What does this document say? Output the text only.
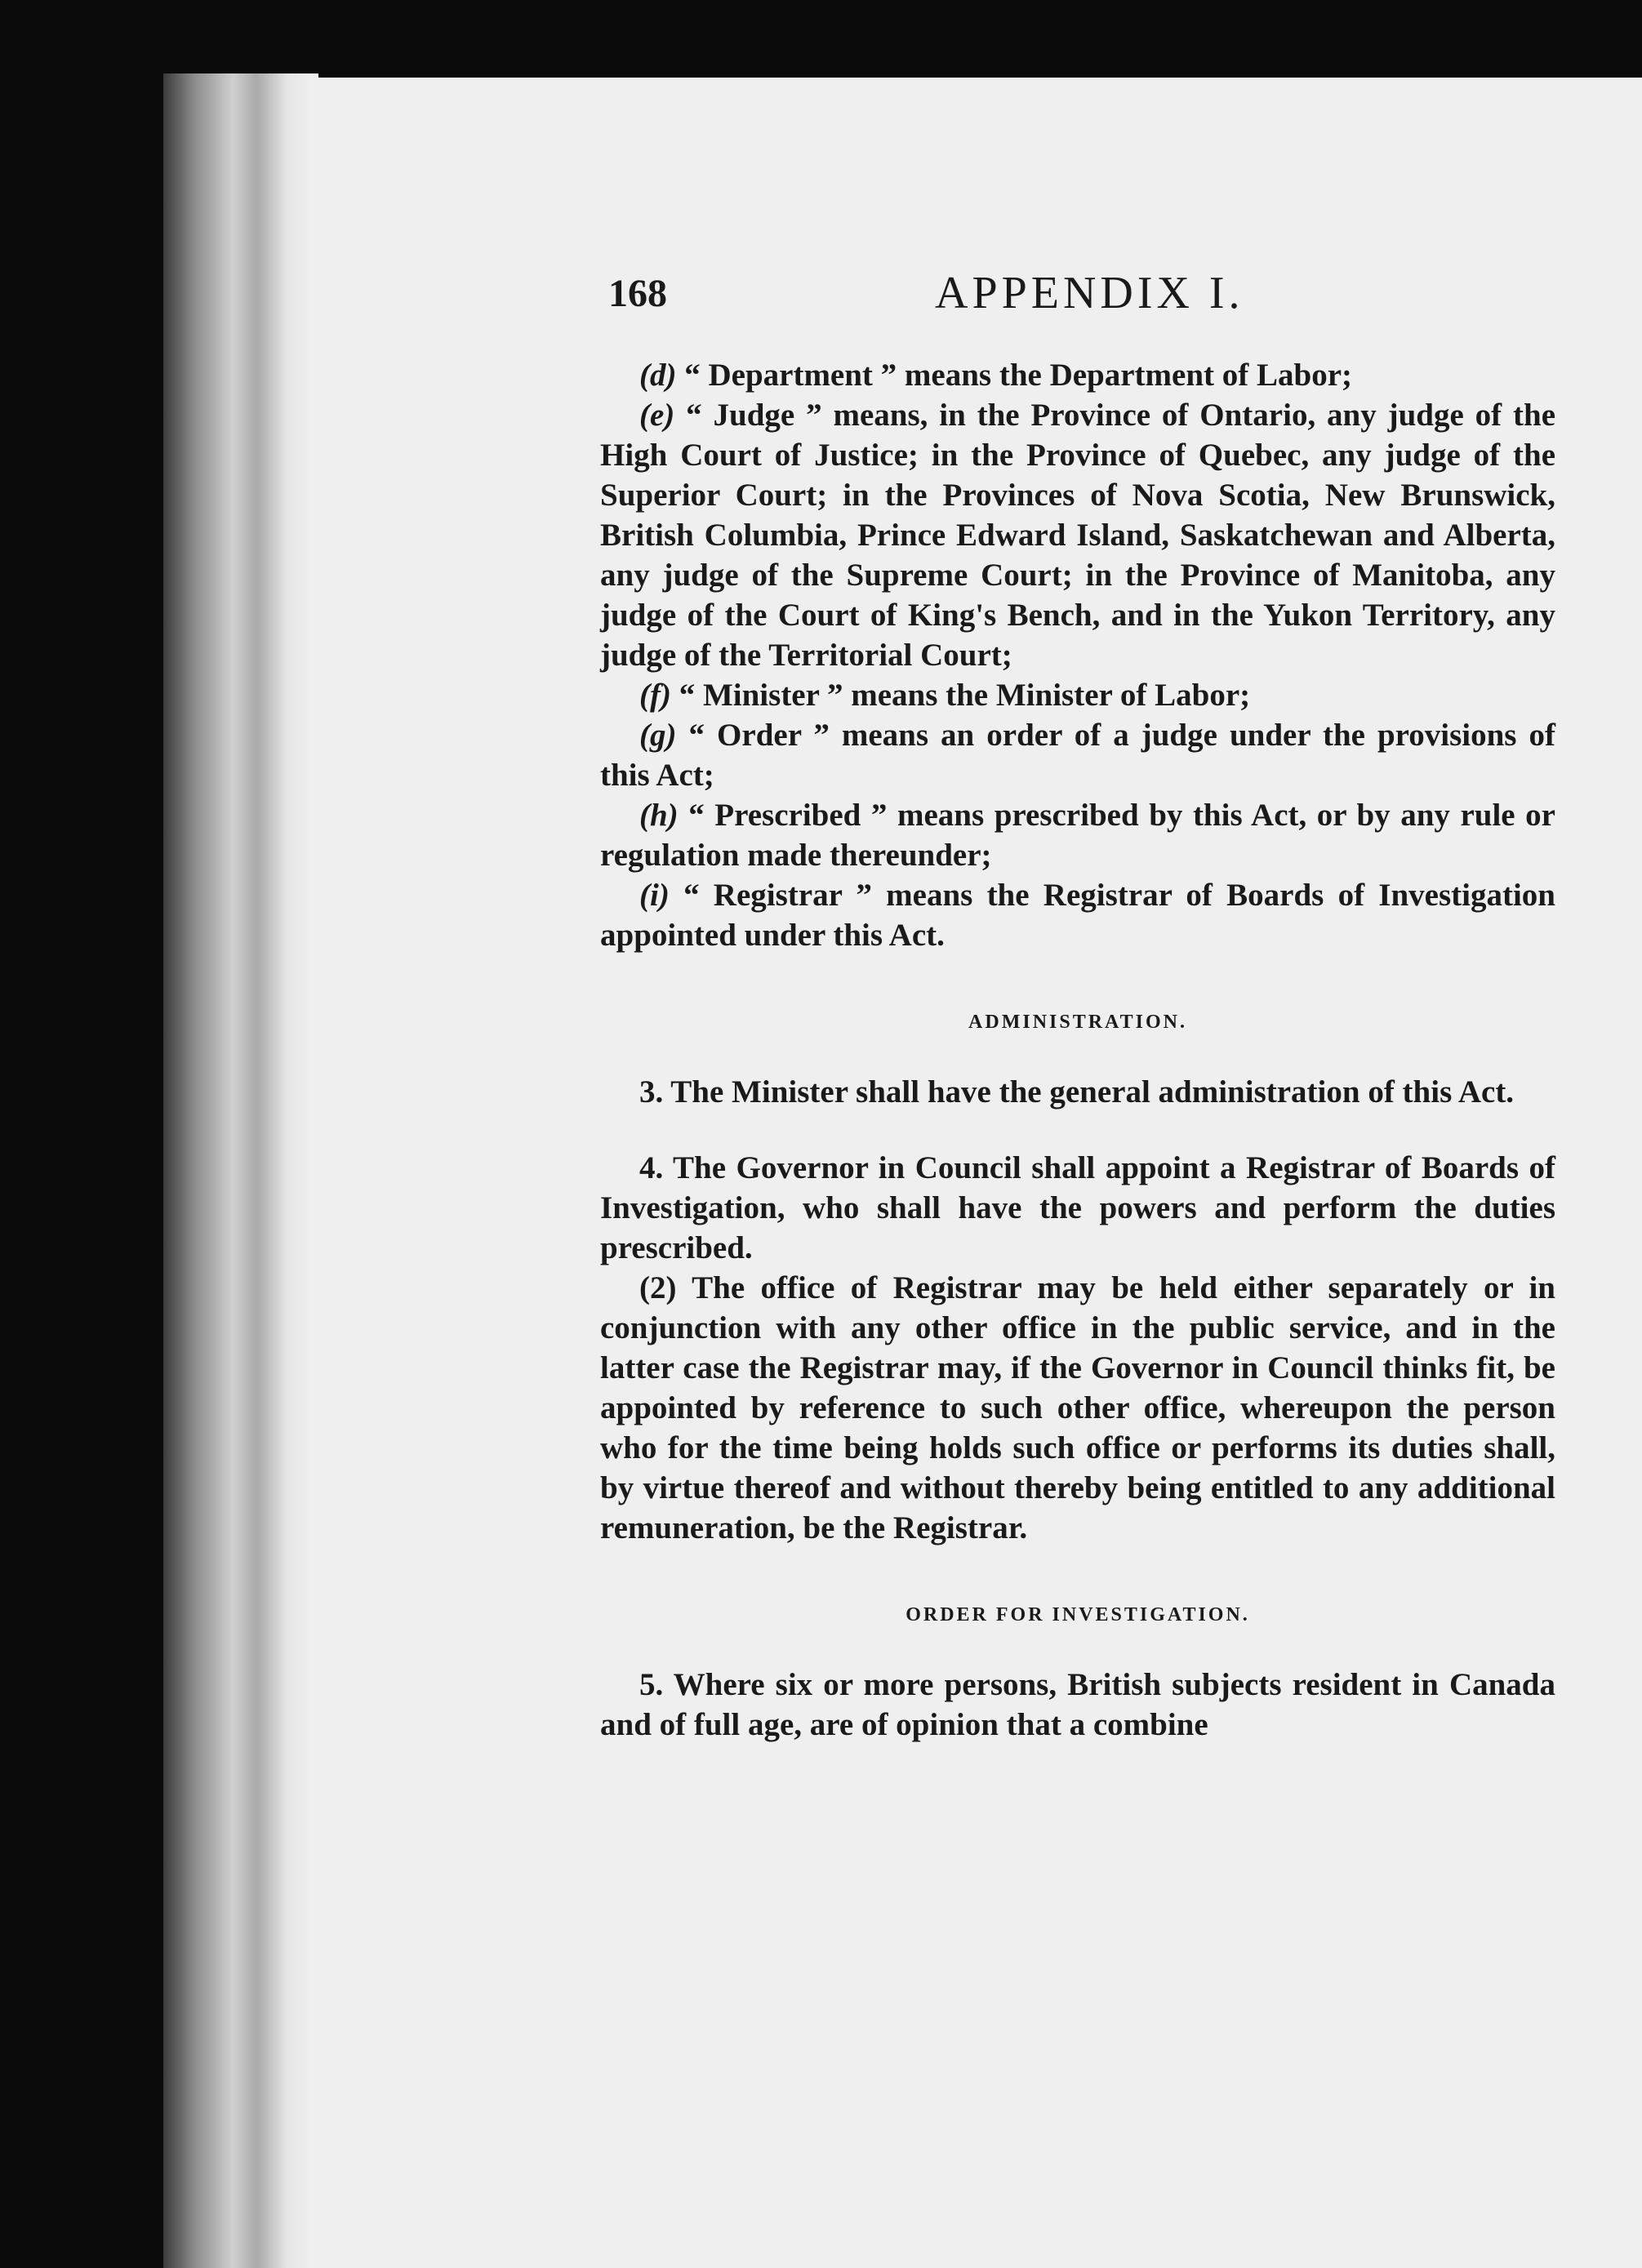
168	APPENDIX I.

(d) “ Department ” means the Department of Labor;

(e) “ Judge ” means, in the Province of Ontario, any judge of the High Court of Justice; in the Province of Quebec, any judge of the Superior Court; in the Provinces of Nova Scotia, New Brunswick, British Columbia, Prince Edward Island, Saskatchewan and Alberta, any judge of the Supreme Court; in the Province of Manitoba, any judge of the Court of King's Bench, and in the Yukon Territory, any judge of the Territorial Court;

(f) “ Minister ” means the Minister of Labor;

(g) “ Order ” means an order of a judge under the provisions of this Act;

(h) “ Prescribed ” means prescribed by this Act, or by any rule or regulation made thereunder;

(i) “ Registrar ” means the Registrar of Boards of Investigation appointed under this Act.

ADMINISTRATION.

3. The Minister shall have the general administration of this Act.

4. The Governor in Council shall appoint a Registrar of Boards of Investigation, who shall have the powers and perform the duties prescribed.

(2) The office of Registrar may be held either separately or in conjunction with any other office in the public service, and in the latter case the Registrar may, if the Governor in Council thinks fit, be appointed by reference to such other office, whereupon the person who for the time being holds such office or performs its duties shall, by virtue thereof and without thereby being entitled to any additional remuneration, be the Registrar.

ORDER FOR INVESTIGATION.

5. Where six or more persons, British subjects resident in Canada and of full age, are of opinion that a combine
